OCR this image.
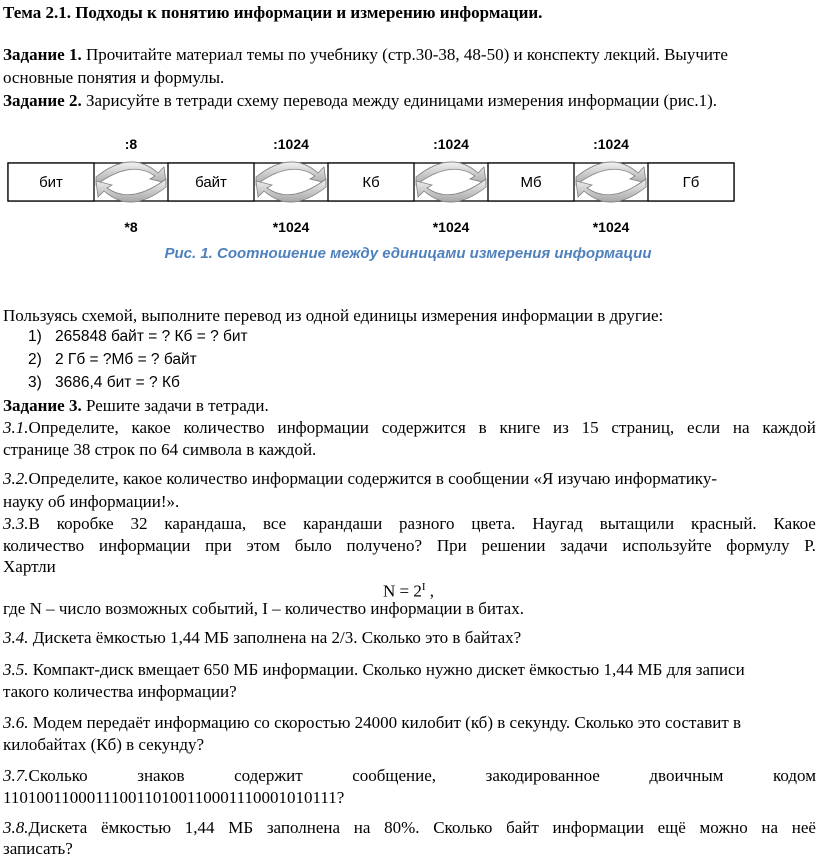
Тема 2.1. Подходы к понятию информации и измерению информации.
Задание 1. Прочитайте материал темы по учебнику (стр.30-38, 48-50) и конспекту лекций. Выучите
основные понятия и формулы.
Задание 2. Зарисуйте в тетради схему перевода между единицами измерения информации (рис.1).
бит	байт	Кб	Мб	Гб
:8
*8
:1024
*1024
:1024
*1024
:1024
*1024
Рис. 1. Соотношение между единицами измерения информации
Пользуясь схемой, выполните перевод из одной единицы измерения информации в другие:
1) 265848 байт = ? Кб = ? бит
2) 2 Гб = ?Мб = ? байт
3) 3686,4 бит = ? Кб
Задание 3. Решите задачи в тетради.
3.1.Определите, какое количество информации содержится в книге из 15 страниц, если на каждой
странице 38 строк по 64 символа в каждой.
3.2.Определите, какое количество информации содержится в сообщении «Я изучаю информатику-
науку об информации!».
3.3.В коробке 32 карандаша, все карандаши разного цвета. Наугад вытащили красный. Какое
количество информации при этом было получено? При решении задачи используйте формулу Р.
Хартли
$N = 2^I$ ,
где N – число возможных событий, I – количество информации в битах.
3.4. Дискета ёмкостью 1,44 МБ заполнена на 2/3. Сколько это в байтах?
3.5. Компакт-диск вмещает 650 МБ информации. Сколько нужно дискет ёмкостью 1,44 МБ для записи
такого количества информации?
3.6. Модем передаёт информацию со скоростью 24000 килобит (кб) в секунду. Сколько это составит в
килобайтах (Кб) в секунду?
3.7.Сколько	знаков	содержит	сообщение,	закодированное	двоичным	кодом
1101001100011100110100110001110001010111?
3.8.Дискета ёмкостью 1,44 МБ заполнена на 80%. Сколько байт информации ещё можно на неё
записать?
